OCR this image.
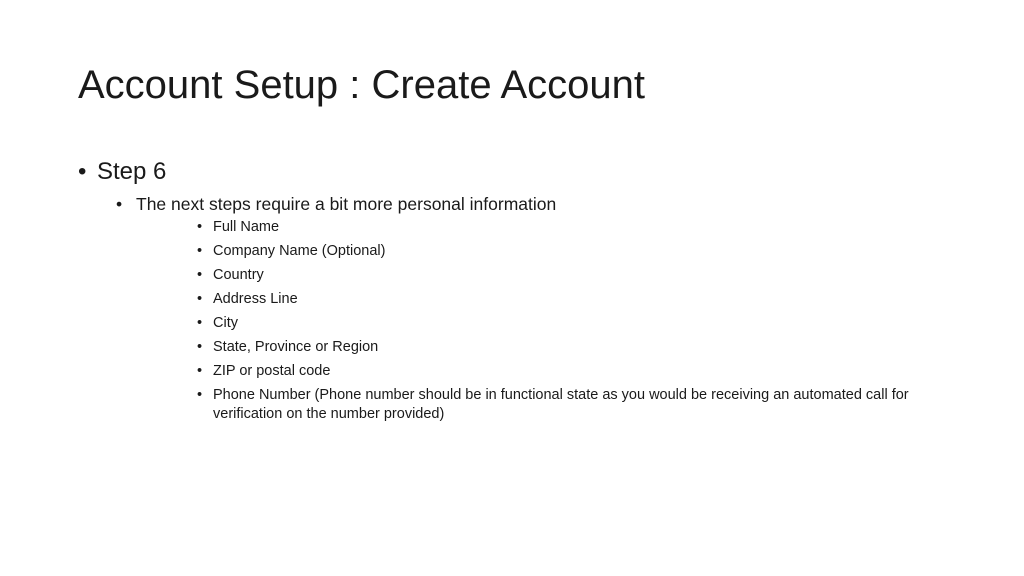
Account Setup : Create Account
• Step 6
• The next steps require a bit more personal information
• Full Name
• Company Name (Optional)
• Country
• Address Line
• City
• State, Province or Region
• ZIP or postal code
• Phone Number (Phone number should be in functional state as you would be receiving an automated call for verification on the number provided)
